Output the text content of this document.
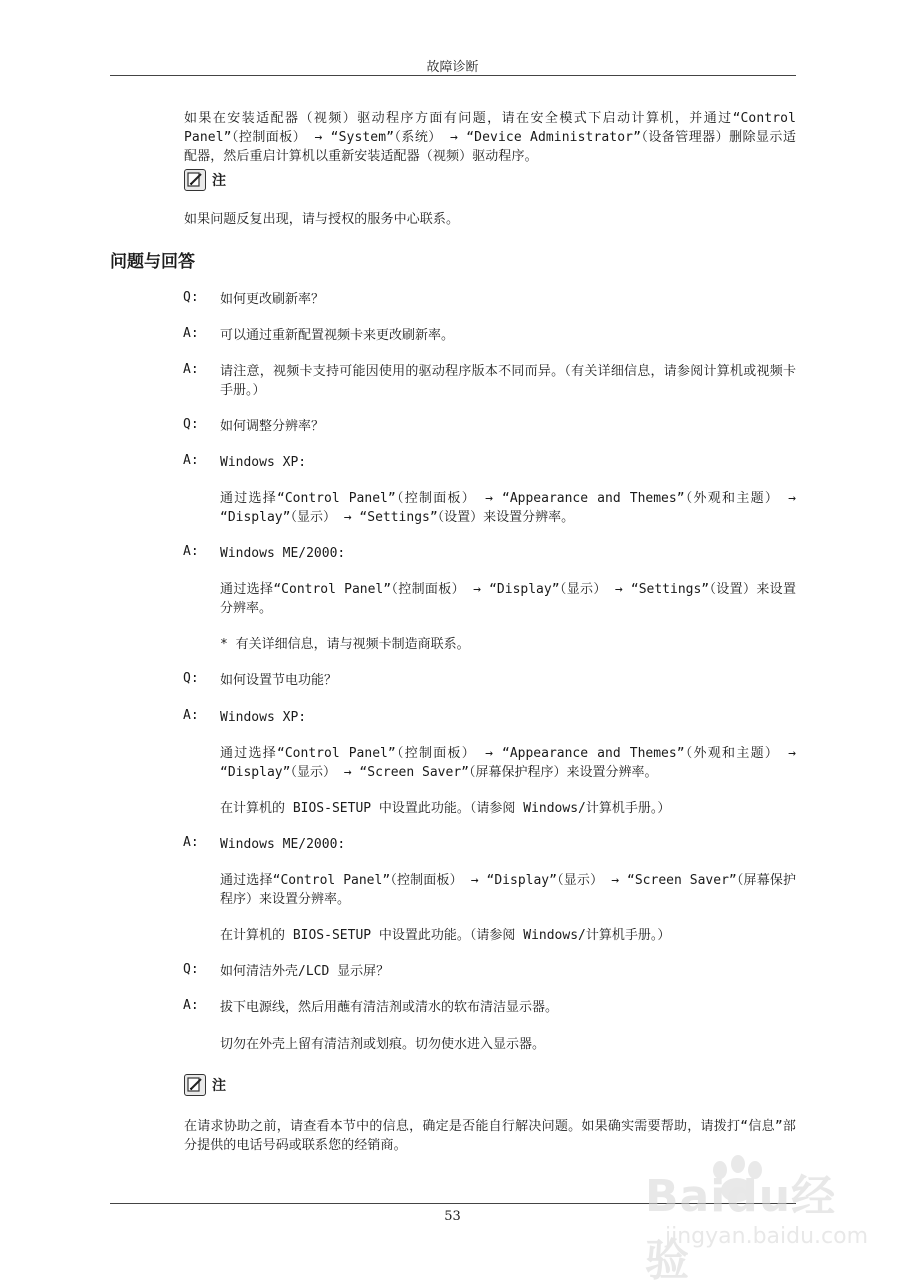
故障诊断
如果在安装适配器（视频）驱动程序方面有问题，请在安全模式下启动计算机，并通过“Control Panel”（控制面板） → “System”（系统） → “Device Administrator”（设备管理器）删除显示适配器，然后重启计算机以重新安装适配器（视频）驱动程序。
注
如果问题反复出现，请与授权的服务中心联系。
问题与回答
Q: 如何更改刷新率？
A: 可以通过重新配置视频卡来更改刷新率。
A: 请注意，视频卡支持可能因使用的驱动程序版本不同而异。（有关详细信息，请参阅计算机或视频卡手册。）
Q: 如何调整分辨率？
A: Windows XP:
通过选择“Control Panel”（控制面板） → “Appearance and Themes”（外观和主题） → “Display”（显示） → “Settings”（设置）来设置分辨率。
A: Windows ME/2000:
通过选择“Control Panel”（控制面板） → “Display”（显示） → “Settings”（设置）来设置分辨率。
* 有关详细信息，请与视频卡制造商联系。
Q: 如何设置节电功能？
A: Windows XP:
通过选择“Control Panel”（控制面板） → “Appearance and Themes”（外观和主题） → “Display”（显示） → “Screen Saver”（屏幕保护程序）来设置分辨率。
在计算机的 BIOS-SETUP 中设置此功能。（请参阅 Windows/计算机手册。）
A: Windows ME/2000:
通过选择“Control Panel”（控制面板） → “Display”（显示） → “Screen Saver”（屏幕保护程序）来设置分辨率。
在计算机的 BIOS-SETUP 中设置此功能。（请参阅 Windows/计算机手册。）
Q: 如何清洁外壳/LCD 显示屏？
A: 拔下电源线，然后用蘸有清洁剂或清水的软布清洁显示器。
切勿在外壳上留有清洁剂或划痕。切勿使水进入显示器。
注
在请求协助之前，请查看本节中的信息，确定是否能自行解决问题。如果确实需要帮助，请拨打“信息”部分提供的电话号码或联系您的经销商。
53	Baidu经验
jingyan.baidu.com
